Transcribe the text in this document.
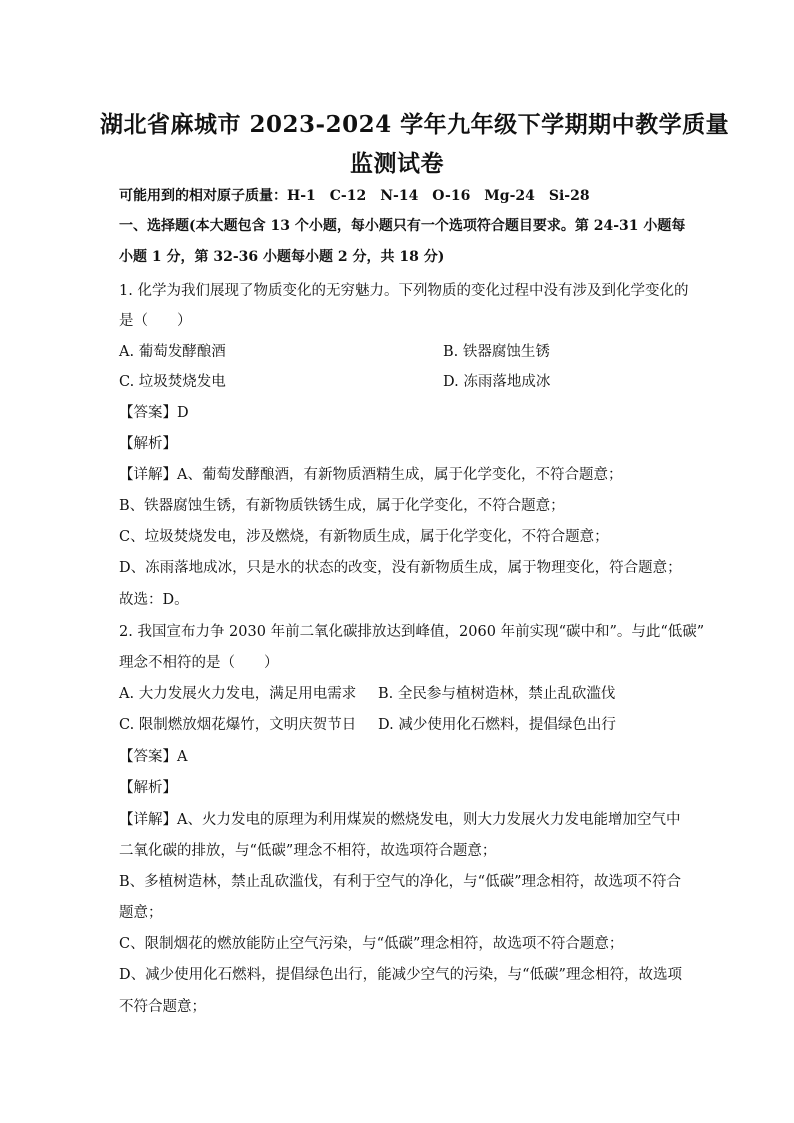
湖北省麻城市 2023-2024 学年九年级下学期期中教学质量
监测试卷
可能用到的相对原子质量：H-1　C-12　N-14　O-16　Mg-24　Si-28
一、选择题(本大题包含 13 个小题，每小题只有一个选项符合题目要求。第 24-31 小题每
小题 1 分，第 32-36 小题每小题 2 分，共 18 分)
1. 化学为我们展现了物质变化的无穷魅力。下列物质的变化过程中没有涉及到化学变化的
是（　　）
A. 葡萄发酵酿酒	B. 铁器腐蚀生锈
C. 垃圾焚烧发电	D. 冻雨落地成冰
【答案】D
【解析】
【详解】A、葡萄发酵酿酒，有新物质酒精生成，属于化学变化，不符合题意；
B、铁器腐蚀生锈，有新物质铁锈生成，属于化学变化，不符合题意；
C、垃圾焚烧发电，涉及燃烧，有新物质生成，属于化学变化，不符合题意；
D、冻雨落地成冰，只是水的状态的改变，没有新物质生成，属于物理变化，符合题意；
故选：D。
2. 我国宣布力争 2030 年前二氧化碳排放达到峰值，2060 年前实现“碳中和”。与此“低碳”
理念不相符的是（　　）
A. 大力发展火力发电，满足用电需求 B. 全民参与植树造林，禁止乱砍滥伐
C. 限制燃放烟花爆竹，文明庆贺节日 D. 减少使用化石燃料，提倡绿色出行
【答案】A
【解析】
【详解】A、火力发电的原理为利用煤炭的燃烧发电，则大力发展火力发电能增加空气中
二氧化碳的排放，与“低碳”理念不相符，故选项符合题意；
B、多植树造林，禁止乱砍滥伐，有利于空气的净化，与“低碳”理念相符，故选项不符合
题意；
C、限制烟花的燃放能防止空气污染，与“低碳”理念相符，故选项不符合题意；
D、减少使用化石燃料，提倡绿色出行，能减少空气的污染，与“低碳”理念相符，故选项
不符合题意；
